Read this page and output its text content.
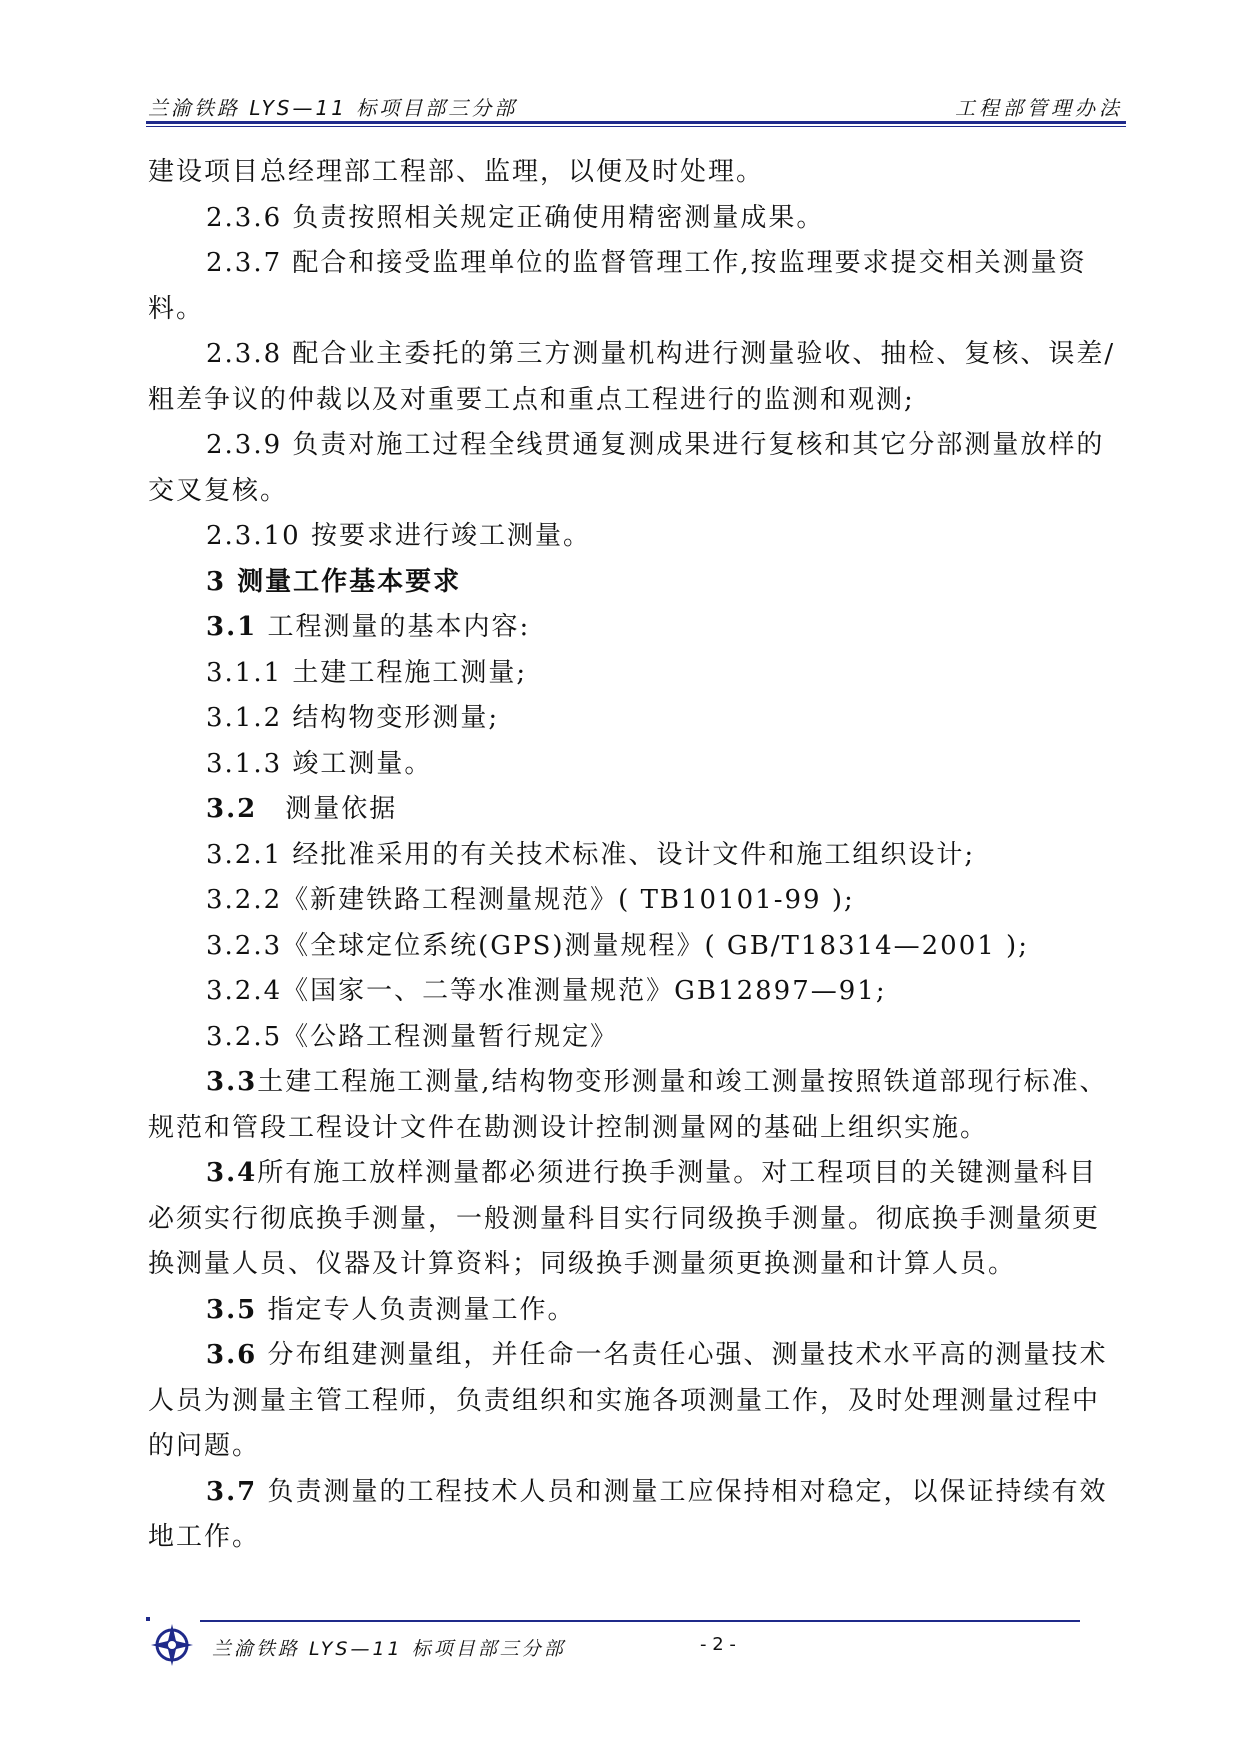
兰渝铁路 LYS—11 标项目部三分部	工程部管理办法

建设项目总经理部工程部、监理，以便及时处理。

2.3.6 负责按照相关规定正确使用精密测量成果。

2.3.7 配合和接受监理单位的监督管理工作,按监理要求提交相关测量资料。

2.3.8 配合业主委托的第三方测量机构进行测量验收、抽检、复核、误差/粗差争议的仲裁以及对重要工点和重点工程进行的监测和观测;

2.3.9 负责对施工过程全线贯通复测成果进行复核和其它分部测量放样的交叉复核。

2.3.10 按要求进行竣工测量。

3 测量工作基本要求

3.1 工程测量的基本内容:

3.1.1 土建工程施工测量;

3.1.2 结构物变形测量;

3.1.3 竣工测量。

3.2　测量依据

3.2.1 经批准采用的有关技术标准、设计文件和施工组织设计;

3.2.2《新建铁路工程测量规范》( TB10101-99 );

3.2.3《全球定位系统(GPS)测量规程》( GB/T18314—2001 );

3.2.4《国家一、二等水准测量规范》GB12897—91;

3.2.5《公路工程测量暂行规定》

3.3土建工程施工测量,结构物变形测量和竣工测量按照铁道部现行标准、规范和管段工程设计文件在勘测设计控制测量网的基础上组织实施。

3.4所有施工放样测量都必须进行换手测量。对工程项目的关键测量科目必须实行彻底换手测量，一般测量科目实行同级换手测量。彻底换手测量须更换测量人员、仪器及计算资料；同级换手测量须更换测量和计算人员。

3.5 指定专人负责测量工作。

3.6 分布组建测量组，并任命一名责任心强、测量技术水平高的测量技术人员为测量主管工程师，负责组织和实施各项测量工作，及时处理测量过程中的问题。

3.7 负责测量的工程技术人员和测量工应保持相对稳定，以保证持续有效地工作。

兰渝铁路 LYS—11 标项目部三分部	- 2 -
